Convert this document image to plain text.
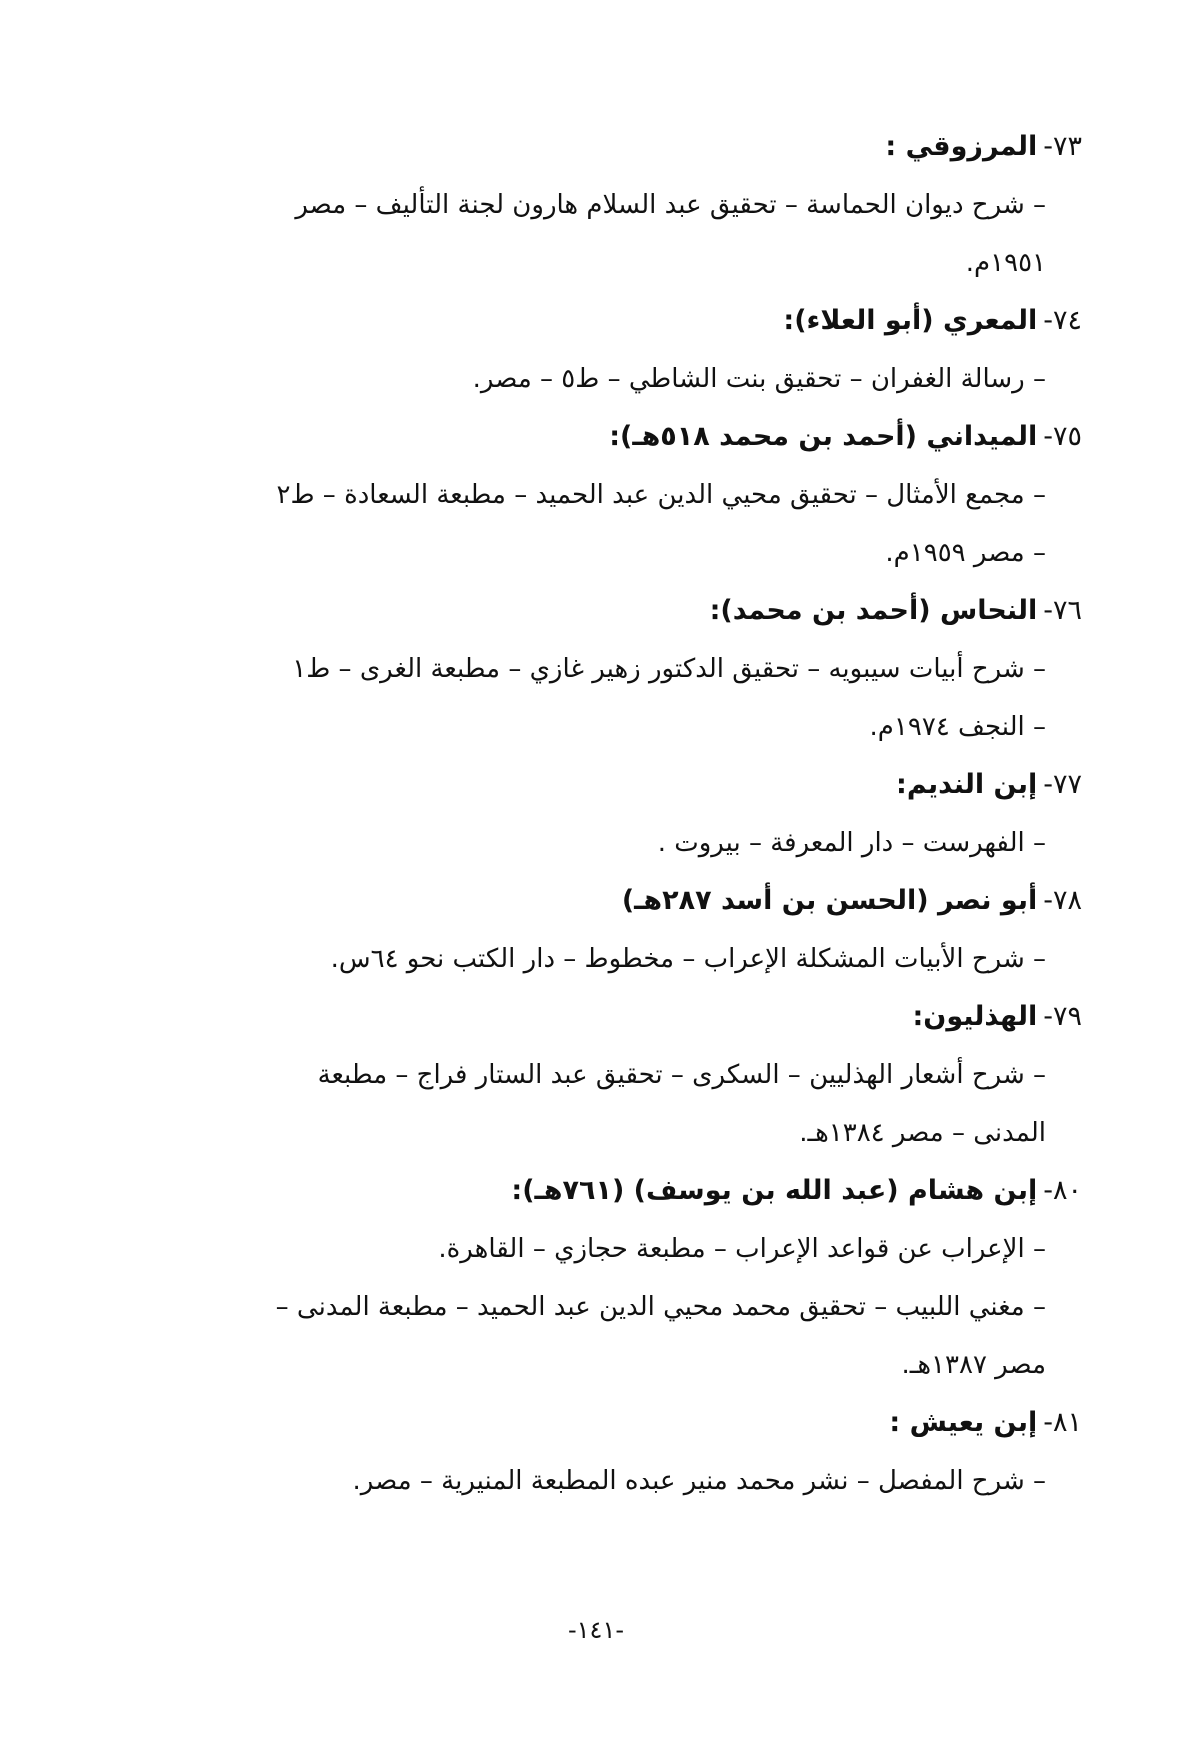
٧٣-المرزوقي :

– شرح ديوان الحماسة – تحقيق عبد السلام هارون لجنة التأليف – مصر

١٩٥١م.

٧٤-المعري (أبو العلاء):

– رسالة الغفران – تحقيق بنت الشاطي – ط٥ – مصر.

٧٥-الميداني (أحمد بن محمد ٥١٨هـ):

– مجمع الأمثال – تحقيق محيي الدين عبد الحميد – مطبعة السعادة – ط٢

– مصر ١٩٥٩م.

٧٦-النحاس (أحمد بن محمد):

– شرح أبيات سيبويه – تحقيق الدكتور زهير غازي – مطبعة الغرى – ط١

– النجف ١٩٧٤م.

٧٧-إبن النديم:

– الفهرست – دار المعرفة – بيروت .

٧٨-أبو نصر (الحسن بن أسد ٢٨٧هـ)

– شرح الأبيات المشكلة الإعراب – مخطوط – دار الكتب نحو ٦٤س.

٧٩-الهذليون:

– شرح أشعار الهذليين – السكرى – تحقيق عبد الستار فراج – مطبعة

المدنى – مصر ١٣٨٤هـ.

٨٠-إبن هشام (عبد الله بن يوسف) (٧٦١هـ):

– الإعراب عن قواعد الإعراب – مطبعة حجازي – القاهرة.

– مغني اللبيب – تحقيق محمد محيي الدين عبد الحميد – مطبعة المدنى –

مصر ١٣٨٧هـ.

٨١-إبن يعيش :

– شرح المفصل – نشر محمد منير عبده المطبعة المنيرية – مصر.

-١٤١-
